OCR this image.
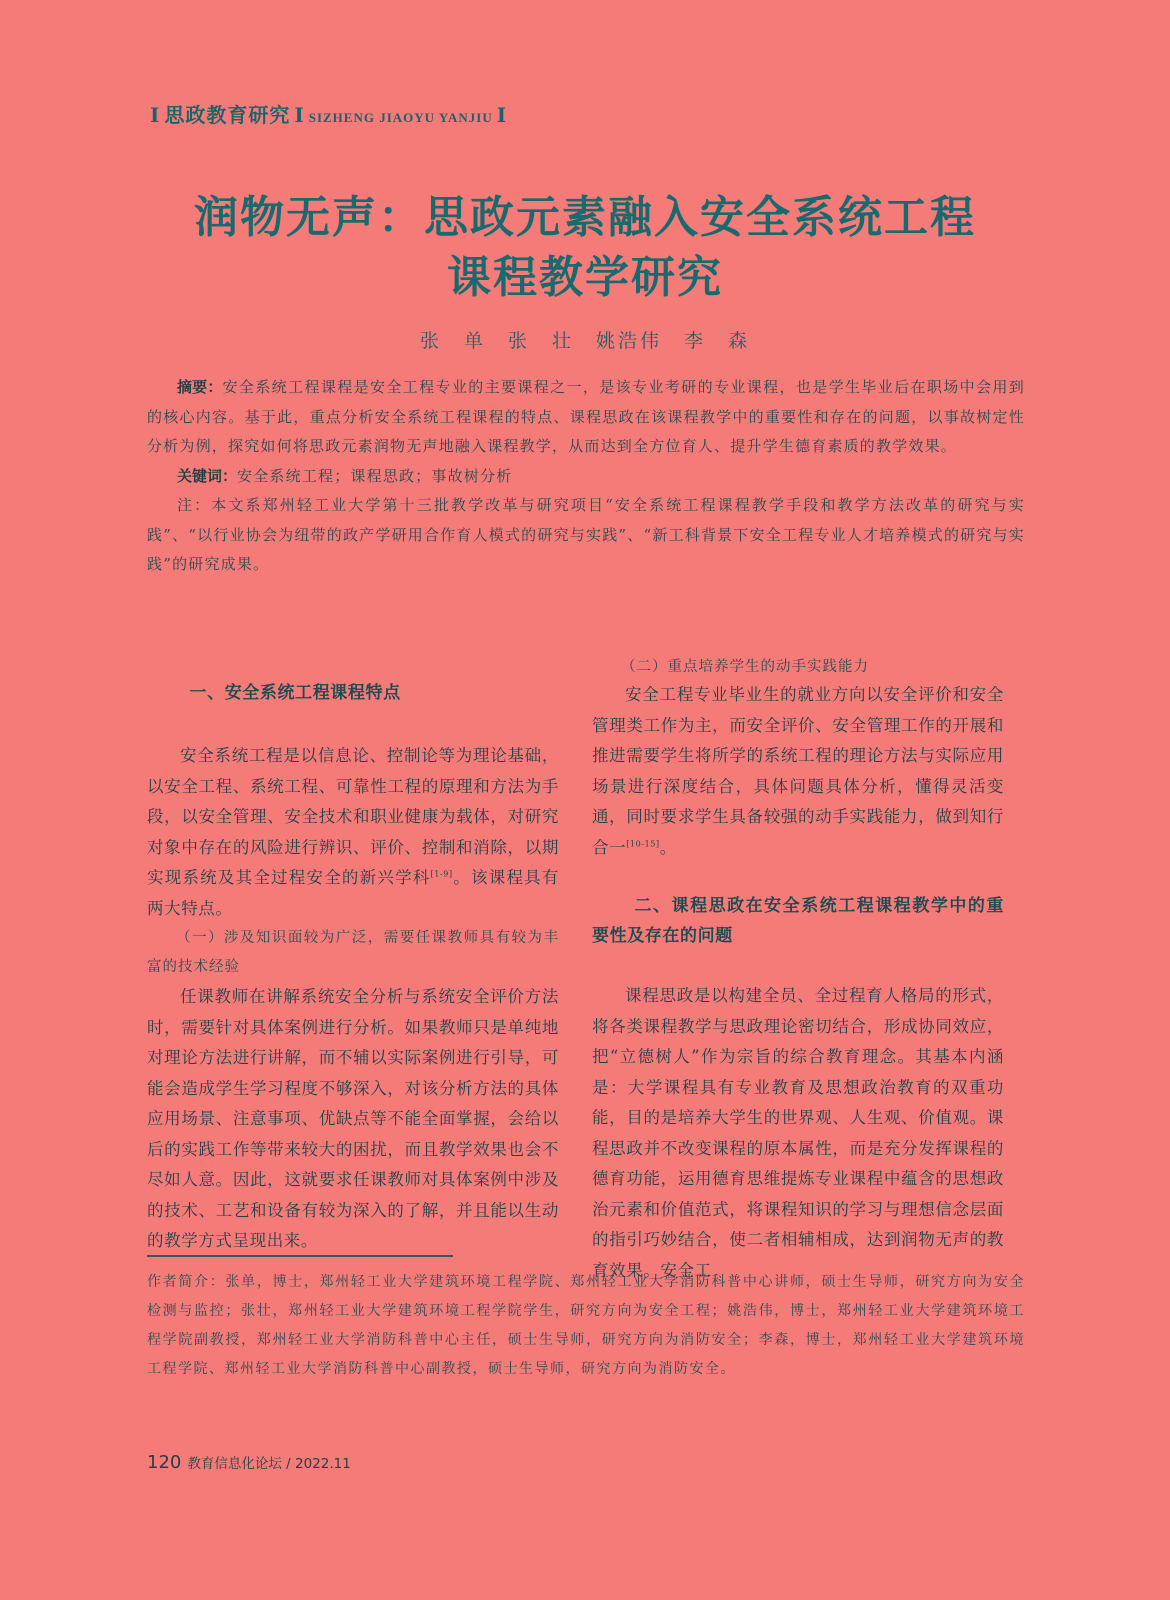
Ⅰ 思政教育研究 Ⅰ SIZHENG JIAOYU YANJIU Ⅰ
润物无声：思政元素融入安全系统工程
课程教学研究
张　单　张　壮　姚浩伟　李　森

摘要：安全系统工程课程是安全工程专业的主要课程之一，是该专业考研的专业课程，也是学生毕业后在职场中会用到的核心内容。基于此，重点分析安全系统工程课程的特点、课程思政在该课程教学中的重要性和存在的问题，以事故树定性分析为例，探究如何将思政元素润物无声地融入课程教学，从而达到全方位育人、提升学生德育素质的教学效果。

关键词：安全系统工程；课程思政；事故树分析

注：本文系郑州轻工业大学第十三批教学改革与研究项目“安全系统工程课程教学手段和教学方法改革的研究与实践”、“以行业协会为纽带的政产学研用合作育人模式的研究与实践”、“新工科背景下安全工程专业人才培养模式的研究与实践”的研究成果。

一、安全系统工程课程特点

安全系统工程是以信息论、控制论等为理论基础，以安全工程、系统工程、可靠性工程的原理和方法为手段，以安全管理、安全技术和职业健康为载体，对研究对象中存在的风险进行辨识、评价、控制和消除，以期实现系统及其全过程安全的新兴学科[1-9]。该课程具有两大特点。

（一）涉及知识面较为广泛，需要任课教师具有较为丰富的技术经验

任课教师在讲解系统安全分析与系统安全评价方法时，需要针对具体案例进行分析。如果教师只是单纯地对理论方法进行讲解，而不辅以实际案例进行引导，可能会造成学生学习程度不够深入，对该分析方法的具体应用场景、注意事项、优缺点等不能全面掌握，会给以后的实践工作等带来较大的困扰，而且教学效果也会不尽如人意。因此，这就要求任课教师对具体案例中涉及的技术、工艺和设备有较为深入的了解，并且能以生动的教学方式呈现出来。

（二）重点培养学生的动手实践能力

安全工程专业毕业生的就业方向以安全评价和安全管理类工作为主，而安全评价、安全管理工作的开展和推进需要学生将所学的系统工程的理论方法与实际应用场景进行深度结合，具体问题具体分析，懂得灵活变通，同时要求学生具备较强的动手实践能力，做到知行合一[10-15]。

二、课程思政在安全系统工程课程教学中的重要性及存在的问题

课程思政是以构建全员、全过程育人格局的形式，将各类课程教学与思政理论密切结合，形成协同效应，把“立德树人”作为宗旨的综合教育理念。其基本内涵是：大学课程具有专业教育及思想政治教育的双重功能，目的是培养大学生的世界观、人生观、价值观。课程思政并不改变课程的原本属性，而是充分发挥课程的德育功能，运用德育思维提炼专业课程中蕴含的思想政治元素和价值范式，将课程知识的学习与理想信念层面的指引巧妙结合，使二者相辅相成，达到润物无声的教育效果。安全工

作者简介：张单，博士，郑州轻工业大学建筑环境工程学院、郑州轻工业大学消防科普中心讲师，硕士生导师，研究方向为安全检测与监控；张壮，郑州轻工业大学建筑环境工程学院学生，研究方向为安全工程；姚浩伟，博士，郑州轻工业大学建筑环境工程学院副教授，郑州轻工业大学消防科普中心主任，硕士生导师，研究方向为消防安全；李森，博士，郑州轻工业大学建筑环境工程学院、郑州轻工业大学消防科普中心副教授，硕士生导师，研究方向为消防安全。
120 教育信息化论坛 / 2022.11
